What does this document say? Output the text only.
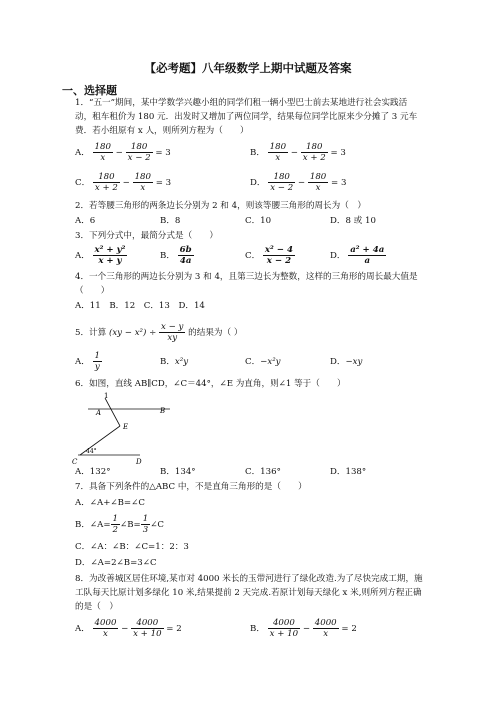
【必考题】八年级数学上期中试题及答案
一、选择题
1．“五一”期间，某中学数学兴趣小组的同学们租一辆小型巴士前去某地进行社会实践活
动，租车租价为 180 元．出发时又增加了两位同学，结果每位同学比原来少分摊了 3 元车
费．若小组原有 x 人，则所列方程为（　　）
A． $\frac{180}{x} - \frac{180}{x - 2} = 3$	B． $\frac{180}{x} - \frac{180}{x + 2} = 3$
C． $\frac{180}{x + 2} - \frac{180}{x} = 3$	D． $\frac{180}{x - 2} - \frac{180}{x} = 3$
2．若等腰三角形的两条边长分别为 2 和 4，则该等腰三角形的周长为（　）
A．6	B．8	C．10	D．8 或 10
3．下列分式中，最简分式是（　　）
A． $\frac{\text{x² + y²}}{x + y}$	B． $\frac{6b}{4a}$	C． $\frac{\text{x² − 4}}{x - 2}$	D． $\frac{\text{a² + 4a}}{a}$
4．一个三角形的两边长分别为 3 和 4，且第三边长为整数，这样的三角形的周长最大值是
（　　）
A．11　B．12　C．13　D．14
5．计算 $(xy - x^2) \div \frac{x - y}{xy}$ 的结果为（ ）
A． $\frac{1}{y}$	B．x²y	C．−x²y	D．−xy
6．如图，直线 AB∥CD，∠C＝44°，∠E 为直角，则∠1 等于（　　）
1
A	B
E
C	D
44°
A．132°	B．134°	C．136°	D．138°
7．具备下列条件的△ABC 中，不是直角三角形的是（　　）
A．∠A+∠B=∠C
B．∠A= $\frac{1}{2}$ ∠B= $\frac{1}{3}$ ∠C
C．∠A：∠B：∠C=1：2：3
D．∠A=2∠B=3∠C
8．为改善城区居住环境,某市对 4000 米长的玉带河进行了绿化改造.为了尽快完成工期，施
工队每天比原计划多绿化 10 米,结果提前 2 天完成.若原计划每天绿化 x 米,则所列方程正确
的是（　）
A． $\frac{4000}{x} - \frac{4000}{x + 10} = 2$	B． $\frac{4000}{x + 10} - \frac{4000}{x} = 2$
